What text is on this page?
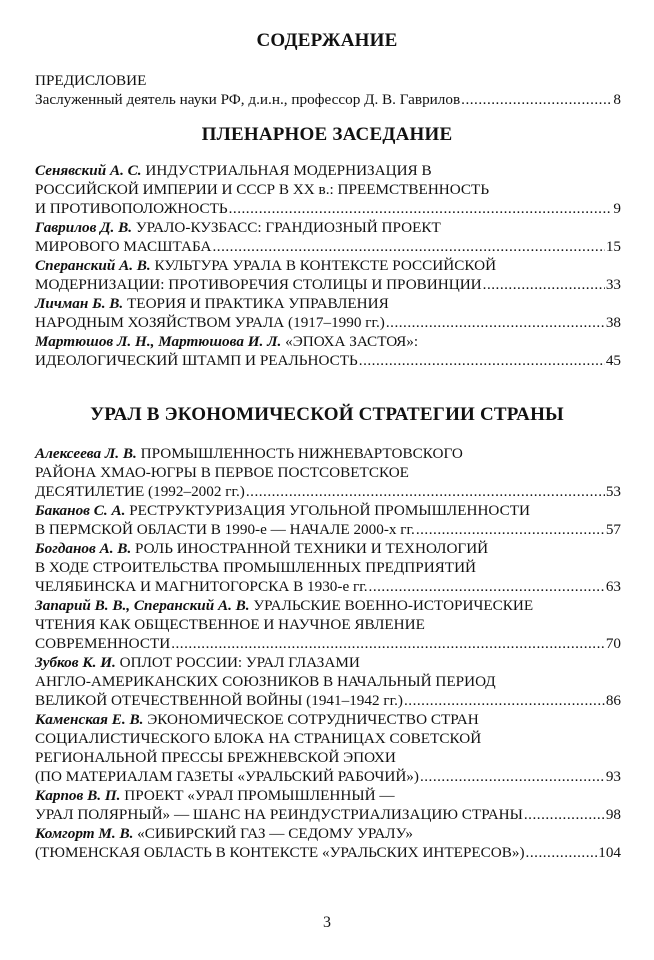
СОДЕРЖАНИЕ
ПРЕДИСЛОВИЕ
Заслуженный деятель науки РФ, д.и.н., профессор Д. В. Гаврилов .....	8
ПЛЕНАРНОЕ ЗАСЕДАНИЕ
Сенявский А. С. ИНДУСТРИАЛЬНАЯ МОДЕРНИЗАЦИЯ В
РОССИЙСКОЙ ИМПЕРИИ И СССР В XX в.: ПРЕЕМСТВЕННОСТЬ
И ПРОТИВОПОЛОЖНОСТЬ .....	9
Гаврилов Д. В. УРАЛО-КУЗБАСС: ГРАНДИОЗНЫЙ ПРОЕКТ
МИРОВОГО МАСШТАБА .....	15
Сперанский А. В. КУЛЬТУРА УРАЛА В КОНТЕКСТЕ РОССИЙСКОЙ
МОДЕРНИЗАЦИИ: ПРОТИВОРЕЧИЯ СТОЛИЦЫ И ПРОВИНЦИИ .....	33
Личман Б. В. ТЕОРИЯ И ПРАКТИКА УПРАВЛЕНИЯ
НАРОДНЫМ ХОЗЯЙСТВОМ УРАЛА (1917–1990 гг.) .....	38
Мартюшов Л. Н., Мартюшова И. Л. «ЭПОХА ЗАСТОЯ»:
ИДЕОЛОГИЧЕСКИЙ ШТАМП И РЕАЛЬНОСТЬ .....	45
УРАЛ В ЭКОНОМИЧЕСКОЙ СТРАТЕГИИ СТРАНЫ
Алексеева Л. В. ПРОМЫШЛЕННОСТЬ НИЖНЕВАРТОВСКОГО
РАЙОНА ХМАО-ЮГРЫ В ПЕРВОЕ ПОСТСОВЕТСКОЕ
ДЕСЯТИЛЕТИЕ (1992–2002 гг.) .....	53
Баканов С. А. РЕСТРУКТУРИЗАЦИЯ УГОЛЬНОЙ ПРОМЫШЛЕННОСТИ
В ПЕРМСКОЙ ОБЛАСТИ В 1990-е — НАЧАЛЕ 2000-х гг. .....	57
Богданов А. В. РОЛЬ ИНОСТРАННОЙ ТЕХНИКИ И ТЕХНОЛОГИЙ
В ХОДЕ СТРОИТЕЛЬСТВА ПРОМЫШЛЕННЫХ ПРЕДПРИЯТИЙ
ЧЕЛЯБИНСКА И МАГНИТОГОРСКА В 1930-е гг. .....	63
Запарий В. В., Сперанский А. В. УРАЛЬСКИЕ ВОЕННО-ИСТОРИЧЕСКИЕ
ЧТЕНИЯ КАК ОБЩЕСТВЕННОЕ И НАУЧНОЕ ЯВЛЕНИЕ
СОВРЕМЕННОСТИ .....	70
Зубков К. И. ОПЛОТ РОССИИ: УРАЛ ГЛАЗАМИ
АНГЛО-АМЕРИКАНСКИХ СОЮЗНИКОВ В НАЧАЛЬНЫЙ ПЕРИОД
ВЕЛИКОЙ ОТЕЧЕСТВЕННОЙ ВОЙНЫ (1941–1942 гг.) .....	86
Каменская Е. В. ЭКОНОМИЧЕСКОЕ СОТРУДНИЧЕСТВО СТРАН
СОЦИАЛИСТИЧЕСКОГО БЛОКА НА СТРАНИЦАХ СОВЕТСКОЙ
РЕГИОНАЛЬНОЙ ПРЕССЫ БРЕЖНЕВСКОЙ ЭПОХИ
(ПО МАТЕРИАЛАМ ГАЗЕТЫ «УРАЛЬСКИЙ РАБОЧИЙ») .....	93
Карпов В. П. ПРОЕКТ «УРАЛ ПРОМЫШЛЕННЫЙ —
УРАЛ ПОЛЯРНЫЙ» — ШАНС НА РЕИНДУСТРИАЛИЗАЦИЮ СТРАНЫ .....	98
Комгорт М. В. «СИБИРСКИЙ ГАЗ — СЕДОМУ УРАЛУ»
(ТЮМЕНСКАЯ ОБЛАСТЬ В КОНТЕКСТЕ «УРАЛЬСКИХ ИНТЕРЕСОВ») .....	104
3
